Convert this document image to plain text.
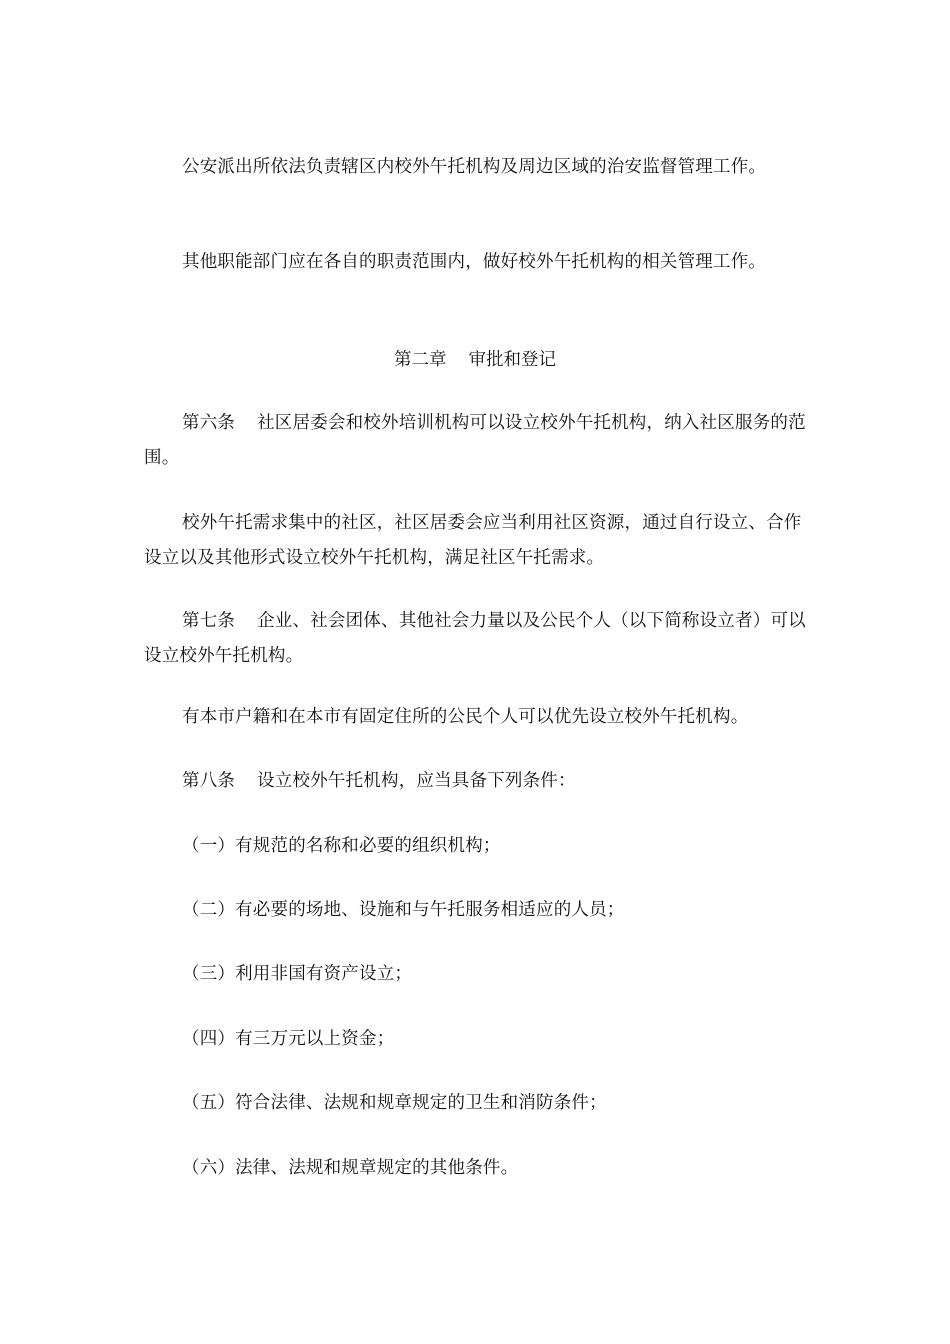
公安派出所依法负责辖区内校外午托机构及周边区域的治安监督管理工作。

其他职能部门应在各自的职责范围内，做好校外午托机构的相关管理工作。

第二章 审批和登记

第六条 社区居委会和校外培训机构可以设立校外午托机构，纳入社区服务的范围。

校外午托需求集中的社区，社区居委会应当利用社区资源，通过自行设立、合作设立以及其他形式设立校外午托机构，满足社区午托需求。

第七条 企业、社会团体、其他社会力量以及公民个人（以下简称设立者）可以设立校外午托机构。

有本市户籍和在本市有固定住所的公民个人可以优先设立校外午托机构。

第八条 设立校外午托机构，应当具备下列条件：

（一）有规范的名称和必要的组织机构；

（二）有必要的场地、设施和与午托服务相适应的人员；

（三）利用非国有资产设立；

（四）有三万元以上资金；

（五）符合法律、法规和规章规定的卫生和消防条件；

（六）法律、法规和规章规定的其他条件。
